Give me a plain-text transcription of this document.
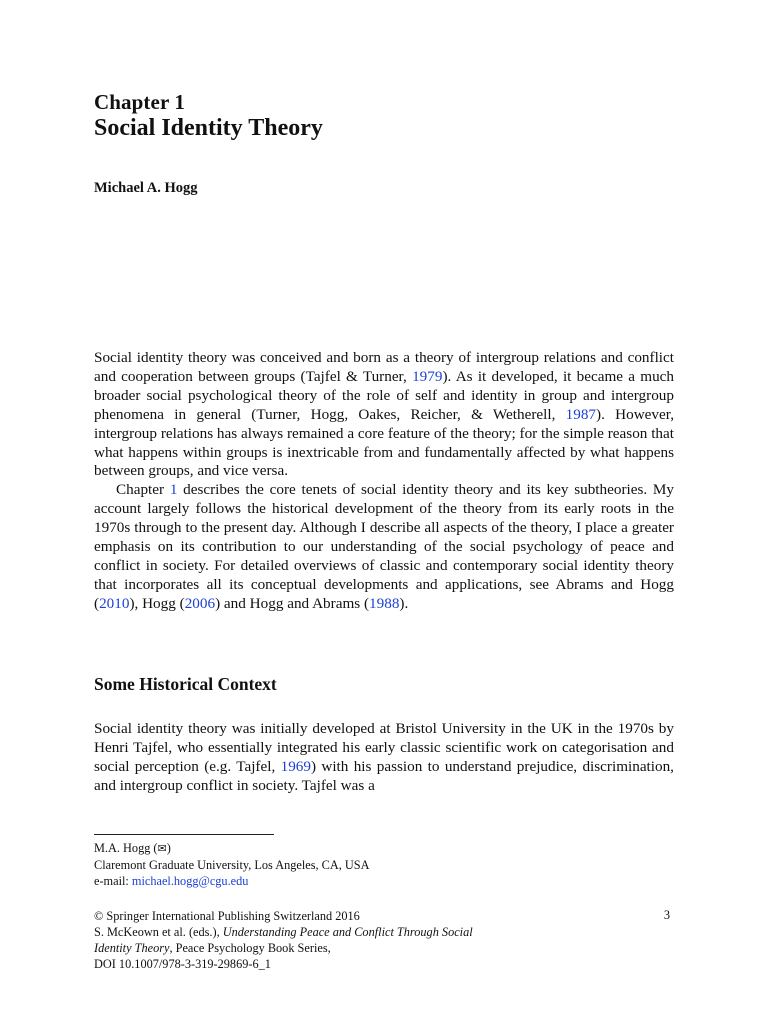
Chapter 1
Social Identity Theory
Michael A. Hogg

Social identity theory was conceived and born as a theory of intergroup relations and conflict and cooperation between groups (Tajfel & Turner, 1979). As it developed, it became a much broader social psychological theory of the role of self and identity in group and intergroup phenomena in general (Turner, Hogg, Oakes, Reicher, & Wetherell, 1987). However, intergroup relations has always remained a core feature of the theory; for the simple reason that what happens within groups is inextricable from and fundamentally affected by what happens between groups, and vice versa.

Chapter 1 describes the core tenets of social identity theory and its key subtheories. My account largely follows the historical development of the theory from its early roots in the 1970s through to the present day. Although I describe all aspects of the theory, I place a greater emphasis on its contribution to our understanding of the social psychology of peace and conflict in society. For detailed overviews of classic and contemporary social identity theory that incorporates all its conceptual developments and applications, see Abrams and Hogg (2010), Hogg (2006) and Hogg and Abrams (1988).

Some Historical Context

Social identity theory was initially developed at Bristol University in the UK in the 1970s by Henri Tajfel, who essentially integrated his early classic scientific work on categorisation and social perception (e.g. Tajfel, 1969) with his passion to understand prejudice, discrimination, and intergroup conflict in society. Tajfel was a

M.A. Hogg (✉)
Claremont Graduate University, Los Angeles, CA, USA
e-mail: michael.hogg@cgu.edu
© Springer International Publishing Switzerland 2016
S. McKeown et al. (eds.), Understanding Peace and Conflict Through Social
Identity Theory, Peace Psychology Book Series,
DOI 10.1007/978-3-319-29869-6_1
3
